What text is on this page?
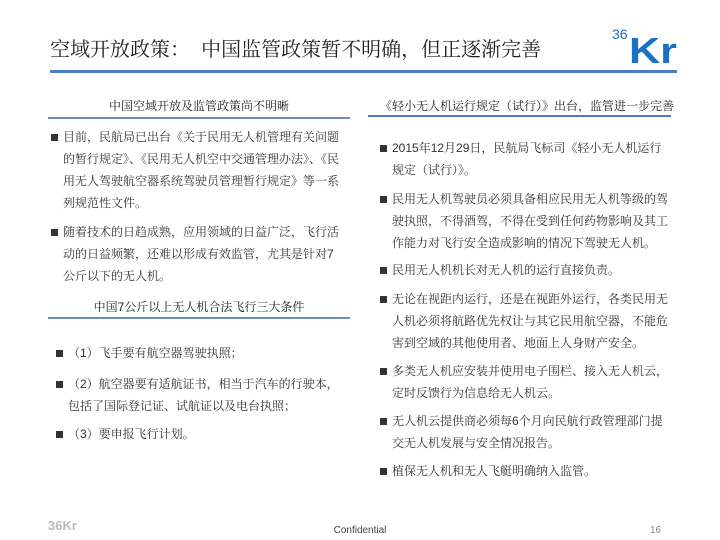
空域开放政策：  中国监管政策暂不明确，但正逐渐完善
36 Kr
中国空域开放及监管政策尚不明晰
目前，民航局已出台《关于民用无人机管理有关问题的暂行规定》、《民用无人机空中交通管理办法》、《民用无人驾驶航空器系统驾驶员管理暂行规定》等一系列规范性文件。
随着技术的日趋成熟，应用领域的日益广泛，飞行活动的日益频繁，还难以形成有效监管，尤其是针对7公斤以下的无人机。
中国7公斤以上无人机合法飞行三大条件
（1）飞手要有航空器驾驶执照；
（2）航空器要有适航证书，相当于汽车的行驶本，包括了国际登记证、试航证以及电台执照；
（3）要申报飞行计划。
《轻小无人机运行规定（试行）》出台，监管进一步完善
2015年12月29日，民航局飞标司《轻小无人机运行规定（试行）》。
民用无人机驾驶员必须具备相应民用无人机等级的驾驶执照，不得酒驾，不得在受到任何药物影响及其工作能力对飞行安全造成影响的情况下驾驶无人机。
民用无人机机长对无人机的运行直接负责。
无论在视距内运行，还是在视距外运行，各类民用无人机必须将航路优先权让与其它民用航空器，不能危害到空域的其他使用者、地面上人身财产安全。
多类无人机应安装并使用电子围栏、接入无人机云，定时反馈行为信息给无人机云。
无人机云提供商必须每6个月向民航行政管理部门提交无人机发展与安全情况报告。
植保无人机和无人飞艇明确纳入监管。
36Kr	Confidential	16
